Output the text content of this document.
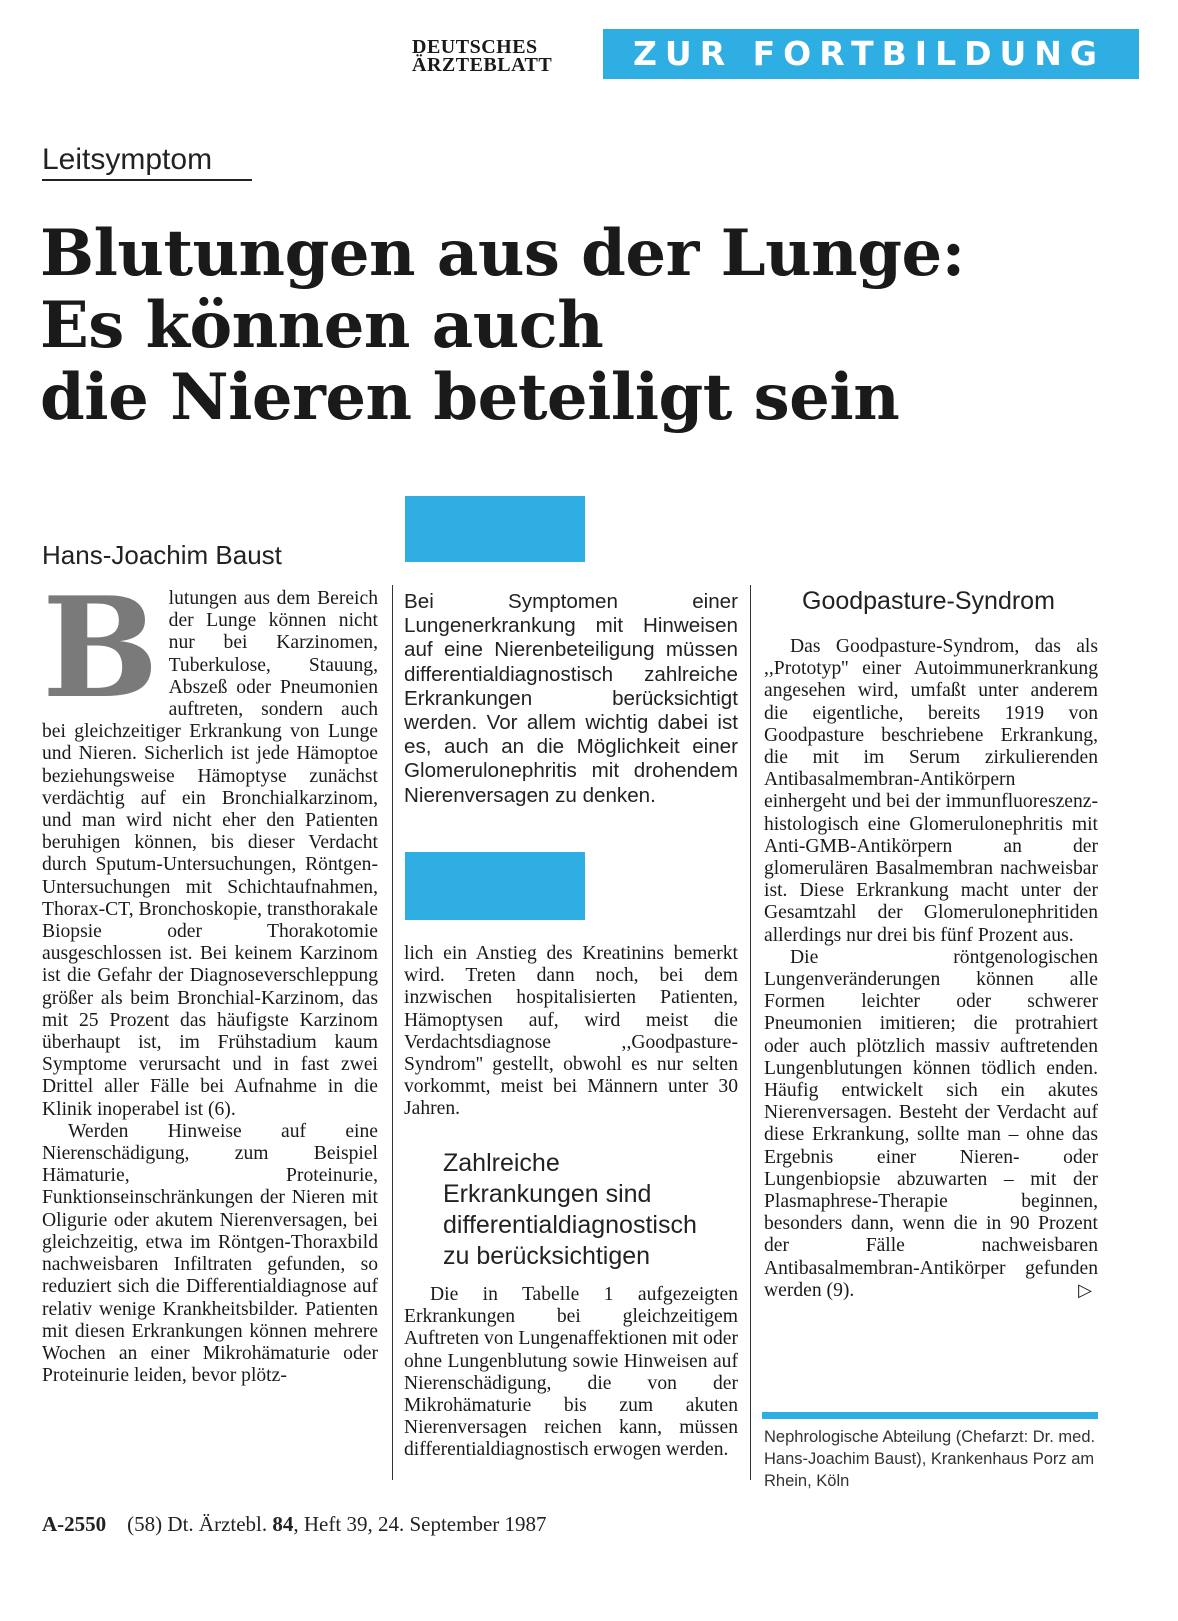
DEUTSCHES
ÄRZTEBLATT	ZUR FORTBILDUNG
Leitsymptom
Blutungen aus der Lunge:
Es können auch
die Nieren beteiligt sein
Hans-Joachim Baust

Blutungen aus dem Bereich der Lunge können nicht nur bei Karzinomen, Tuberkulose, Stauung, Abszeß oder Pneumonien auftreten, sondern auch bei gleichzeitiger Erkrankung von Lunge und Nieren. Sicherlich ist jede Hämoptoe beziehungsweise Hämoptyse zunächst verdächtig auf ein Bronchialkarzinom, und man wird nicht eher den Patienten beruhigen können, bis dieser Verdacht durch Sputum-Untersuchungen, Röntgen-Untersuchungen mit Schichtaufnahmen, Thorax-CT, Bronchoskopie, transthorakale Biopsie oder Thorakotomie ausgeschlossen ist. Bei keinem Karzinom ist die Gefahr der Diagnoseverschleppung größer als beim Bronchial-Karzinom, das mit 25 Prozent das häufigste Karzinom überhaupt ist, im Frühstadium kaum Symptome verursacht und in fast zwei Drittel aller Fälle bei Aufnahme in die Klinik inoperabel ist (6).

Werden Hinweise auf eine Nierenschädigung, zum Beispiel Hämaturie, Proteinurie, Funktionseinschränkungen der Nieren mit Oligurie oder akutem Nierenversagen, bei gleichzeitig, etwa im Röntgen-Thoraxbild nachweisbaren Infiltraten gefunden, so reduziert sich die Differentialdiagnose auf relativ wenige Krankheitsbilder. Patienten mit diesen Erkrankungen können mehrere Wochen an einer Mikrohämaturie oder Proteinurie leiden, bevor plötz-

Bei Symptomen einer Lungenerkrankung mit Hinweisen auf eine Nierenbeteiligung müssen differentialdiagnostisch zahlreiche Erkrankungen berücksichtigt werden. Vor allem wichtig dabei ist es, auch an die Möglichkeit einer Glomerulonephritis mit drohendem Nierenversagen zu denken.

lich ein Anstieg des Kreatinins bemerkt wird. Treten dann noch, bei dem inzwischen hospitalisierten Patienten, Hämoptysen auf, wird meist die Verdachtsdiagnose ,,Goodpasture-Syndrom'' gestellt, obwohl es nur selten vorkommt, meist bei Männern unter 30 Jahren.

Zahlreiche
Erkrankungen sind
differentialdiagnostisch
zu berücksichtigen

Die in Tabelle 1 aufgezeigten Erkrankungen bei gleichzeitigem Auftreten von Lungenaffektionen mit oder ohne Lungenblutung sowie Hinweisen auf Nierenschädigung, die von der Mikrohämaturie bis zum akuten Nierenversagen reichen kann, müssen differentialdiagnostisch erwogen werden.

Goodpasture-Syndrom

Das Goodpasture-Syndrom, das als ,,Prototyp'' einer Autoimmunerkrankung angesehen wird, umfaßt unter anderem die eigentliche, bereits 1919 von Goodpasture beschriebene Erkrankung, die mit im Serum zirkulierenden Antibasalmembran-Antikörpern einhergeht und bei der immunfluoreszenz-histologisch eine Glomerulonephritis mit Anti-GMB-Antikörpern an der glomerulären Basalmembran nachweisbar ist. Diese Erkrankung macht unter der Gesamtzahl der Glomerulonephritiden allerdings nur drei bis fünf Prozent aus.

Die röntgenologischen Lungenveränderungen können alle Formen leichter oder schwerer Pneumonien imitieren; die protrahiert oder auch plötzlich massiv auftretenden Lungenblutungen können tödlich enden. Häufig entwickelt sich ein akutes Nierenversagen. Besteht der Verdacht auf diese Erkrankung, sollte man – ohne das Ergebnis einer Nieren- oder Lungenbiopsie abzuwarten – mit der Plasmaphrese-Therapie beginnen, besonders dann, wenn die in 90 Prozent der Fälle nachweisbaren Antibasalmembran-Antikörper gefunden werden (9).	▷

Nephrologische Abteilung (Chefarzt: Dr. med. Hans-Joachim Baust), Krankenhaus Porz am Rhein, Köln
A-2550 (58) Dt. Ärztebl. 84, Heft 39, 24. September 1987
